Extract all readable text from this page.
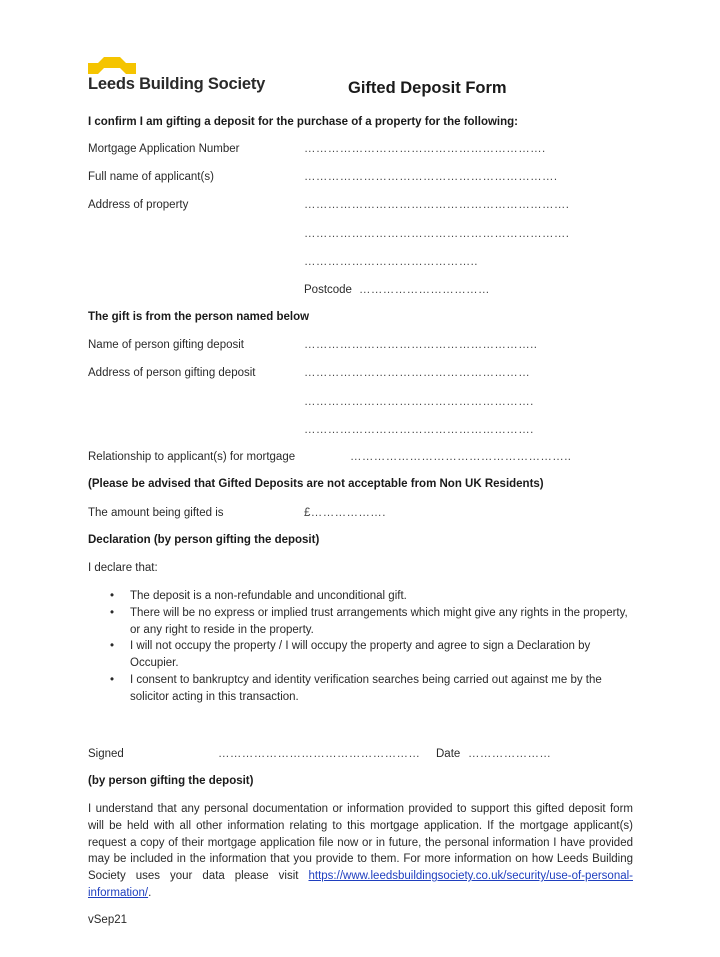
Leeds Building Society	Gifted Deposit Form
I confirm I am gifting a deposit for the purchase of a property for the following:
Mortgage Application Number	…………………………………………………….
Full name of applicant(s)	……………………………………………………….
Address of property	………………………………………………………….
………………………………………………………….
……………………………………..
Postcode ……………………………
The gift is from the person named below
Name of person gifting deposit	…………………………………………………..
Address of person gifting deposit	…………………………………………………
………………………………………………….
………………………………………………….
Relationship to applicant(s) for mortgage	………………………………………………..
(Please be advised that Gifted Deposits are not acceptable from Non UK Residents)
The amount being gifted is	£……………….
Declaration (by person gifting the deposit)
I declare that:
• The deposit is a non-refundable and unconditional gift.
• There will be no express or implied trust arrangements which might give any rights in the property, or any right to reside in the property.
• I will not occupy the property / I will occupy the property and agree to sign a Declaration by Occupier.
• I consent to bankruptcy and identity verification searches being carried out against me by the solicitor acting in this transaction.
Signed	…………………………………………… Date …………………
(by person gifting the deposit)
I understand that any personal documentation or information provided to support this gifted deposit form will be held with all other information relating to this mortgage application. If the mortgage applicant(s) request a copy of their mortgage application file now or in future, the personal information I have provided may be included in the information that you provide to them. For more information on how Leeds Building Society uses your data please visit https://www.leedsbuildingsociety.co.uk/security/use-of-personal-information/.
vSep21
